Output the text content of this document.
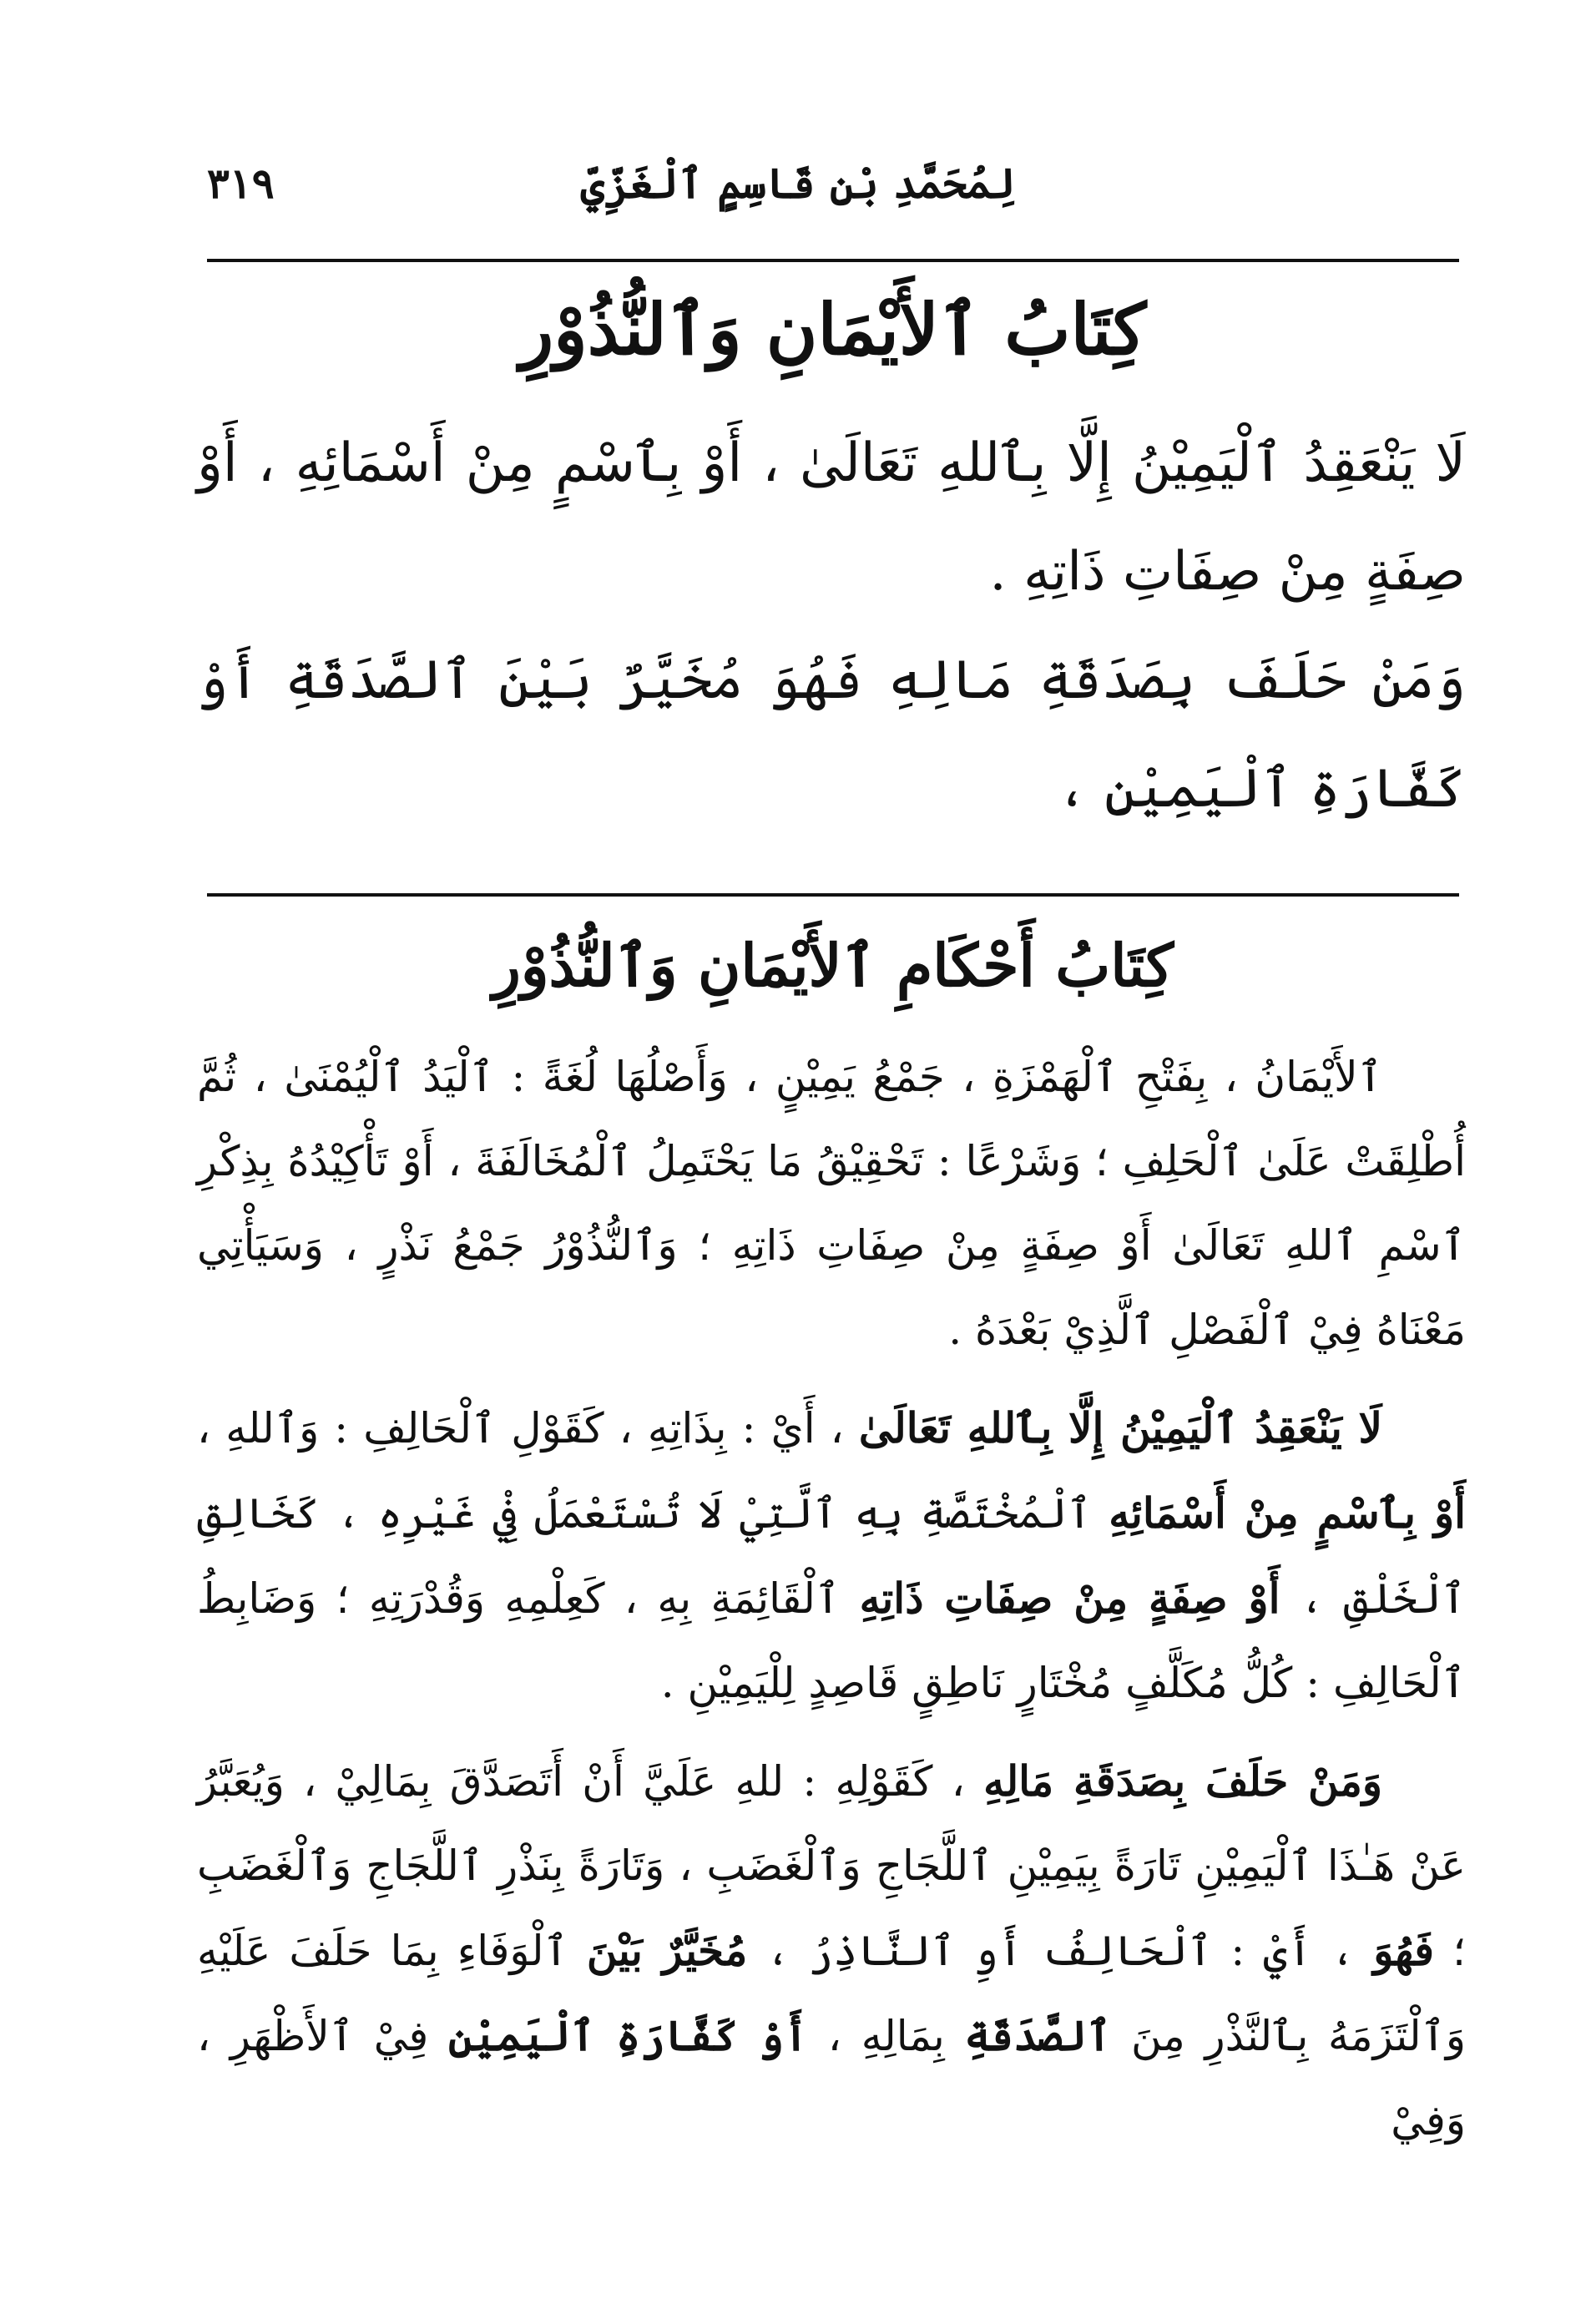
لِمُحَمَّدِ بْنِ قَاسِمٍ ٱلْغَزِّيِّ
٣١٩
كِتَابُ ٱلأَيْمَانِ وَٱلنُّذُوْرِ

لَا يَنْعَقِدُ ٱلْيَمِيْنُ إِلَّا بِٱللهِ تَعَالَىٰ ، أَوْ بِٱسْمٍ مِنْ أَسْمَائِهِ ، أَوْ صِفَةٍ مِنْ صِفَاتِ ذَاتِهِ .

وَمَنْ حَلَفَ بِصَدَقَةِ مَالِهِ فَهُوَ مُخَيَّرٌ بَيْنَ ٱلصَّدَقَةِ أَوْ كَفَّارَةِ ٱلْيَمِيْنِ ،

كِتَابُ أَحْكَامِ ٱلأَيْمَانِ وَٱلنُّذُوْرِ

ٱلأَيْمَانُ ، بِفَتْحِ ٱلْهَمْزَةِ ، جَمْعُ يَمِيْنٍ ، وَأَصْلُهَا لُغَةً : ٱلْيَدُ ٱلْيُمْنَىٰ ، ثُمَّ أُطْلِقَتْ عَلَىٰ ٱلْحَلِفِ ؛ وَشَرْعًا : تَحْقِيْقُ مَا يَحْتَمِلُ ٱلْمُخَالَفَةَ ، أَوْ تَأْكِيْدُهُ بِذِكْرِ ٱسْمِ ٱللهِ تَعَالَىٰ أَوْ صِفَةٍ مِنْ صِفَاتِ ذَاتِهِ ؛ وَٱلنُّذُوْرُ جَمْعُ نَذْرٍ ، وَسَيَأْتِي مَعْنَاهُ فِيْ ٱلْفَصْلِ ٱلَّذِيْ بَعْدَهُ .

لَا يَنْعَقِدُ ٱلْيَمِيْنُ إِلَّا بِٱللهِ تَعَالَىٰ ، أَيْ : بِذَاتِهِ ، كَقَوْلِ ٱلْحَالِفِ : وَٱللهِ ، أَوْ بِٱسْمٍ مِنْ أَسْمَائِهِ ٱلْمُخْتَصَّةِ بِهِ ٱلَّتِيْ لَا تُسْتَعْمَلُ فِيْ غَيْرِهِ ، كَخَالِقِ ٱلْخَلْقِ ، أَوْ صِفَةٍ مِنْ صِفَاتِ ذَاتِهِ ٱلْقَائِمَةِ بِهِ ، كَعِلْمِهِ وَقُدْرَتِهِ ؛ وَضَابِطُ ٱلْحَالِفِ : كُلُّ مُكَلَّفٍ مُخْتَارٍ نَاطِقٍ قَاصِدٍ لِلْيَمِيْنِ .

وَمَنْ حَلَفَ بِصَدَقَةِ مَالِهِ ، كَقَوْلِهِ : للهِ عَلَيَّ أَنْ أَتَصَدَّقَ بِمَالِيْ ، وَيُعَبَّرُ عَنْ هَـٰذَا ٱلْيَمِيْنِ تَارَةً بِيَمِيْنِ ٱللَّجَاجِ وَٱلْغَضَبِ ، وَتَارَةً بِنَذْرِ ٱللَّجَاجِ وَٱلْغَضَبِ ؛ فَهُوَ ، أَيْ : ٱلْحَالِفُ أَوِ ٱلنَّاذِرُ ، مُخَيَّرٌ بَيْنَ ٱلْوَفَاءِ بِمَا حَلَفَ عَلَيْهِ وَٱلْتَزَمَهُ بِٱلنَّذْرِ مِنَ ٱلصَّدَقَةِ بِمَالِهِ ، أَوْ كَفَّارَةِ ٱلْيَمِيْنِ فِيْ ٱلأَظْهَرِ ، وَفِيْ
